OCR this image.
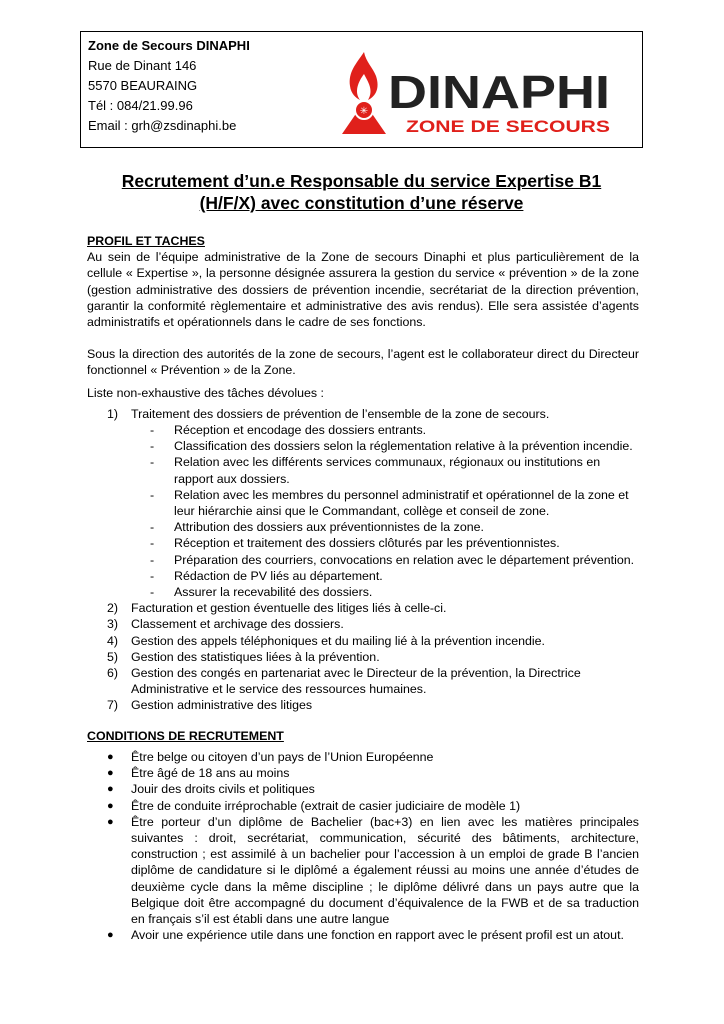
Zone de Secours DINAPHI
Rue de Dinant 146
5570 BEAURAING
Tél : 084/21.99.96
Email : grh@zsdinaphi.be
✳ DINAPHI
ZONE DE SECOURS
Recrutement d’un.e Responsable du service Expertise B1
(H/F/X) avec constitution d’une réserve
PROFIL ET TACHES

Au sein de l’équipe administrative de la Zone de secours Dinaphi et plus particulièrement de la cellule « Expertise », la personne désignée assurera la gestion du service « prévention » de la zone (gestion administrative des dossiers de prévention incendie, secrétariat de la direction prévention, garantir la conformité règlementaire et administrative des avis rendus). Elle sera assistée d’agents administratifs et opérationnels dans le cadre de ses fonctions.

Sous la direction des autorités de la zone de secours, l’agent est le collaborateur direct du Directeur fonctionnel « Prévention » de la Zone.

Liste non-exhaustive des tâches dévolues :

1) Traitement des dossiers de prévention de l’ensemble de la zone de secours.
- Réception et encodage des dossiers entrants.
- Classification des dossiers selon la réglementation relative à la prévention incendie.
- Relation avec les différents services communaux, régionaux ou institutions en rapport aux dossiers.
- Relation avec les membres du personnel administratif et opérationnel de la zone et leur hiérarchie ainsi que le Commandant, collège et conseil de zone.
- Attribution des dossiers aux préventionnistes de la zone.
- Réception et traitement des dossiers clôturés par les préventionnistes.
- Préparation des courriers, convocations en relation avec le département prévention.
- Rédaction de PV liés au département.
- Assurer la recevabilité des dossiers.
2) Facturation et gestion éventuelle des litiges liés à celle-ci.
3) Classement et archivage des dossiers.
4) Gestion des appels téléphoniques et du mailing lié à la prévention incendie.
5) Gestion des statistiques liées à la prévention.
6) Gestion des congés en partenariat avec le Directeur de la prévention, la Directrice Administrative et le service des ressources humaines.
7) Gestion administrative des litiges
CONDITIONS DE RECRUTEMENT
● Être belge ou citoyen d’un pays de l’Union Européenne
● Être âgé de 18 ans au moins
● Jouir des droits civils et politiques
● Être de conduite irréprochable (extrait de casier judiciaire de modèle 1)
● Être porteur d’un diplôme de Bachelier (bac+3) en lien avec les matières principales suivantes : droit, secrétariat, communication, sécurité des bâtiments, architecture, construction ; est assimilé à un bachelier pour l’accession à un emploi de grade B l’ancien diplôme de candidature si le diplômé a également réussi au moins une année d’études de deuxième cycle dans la même discipline ; le diplôme délivré dans un pays autre que la Belgique doit être accompagné du document d’équivalence de la FWB et de sa traduction en français s’il est établi dans une autre langue
● Avoir une expérience utile dans une fonction en rapport avec le présent profil est un atout.
